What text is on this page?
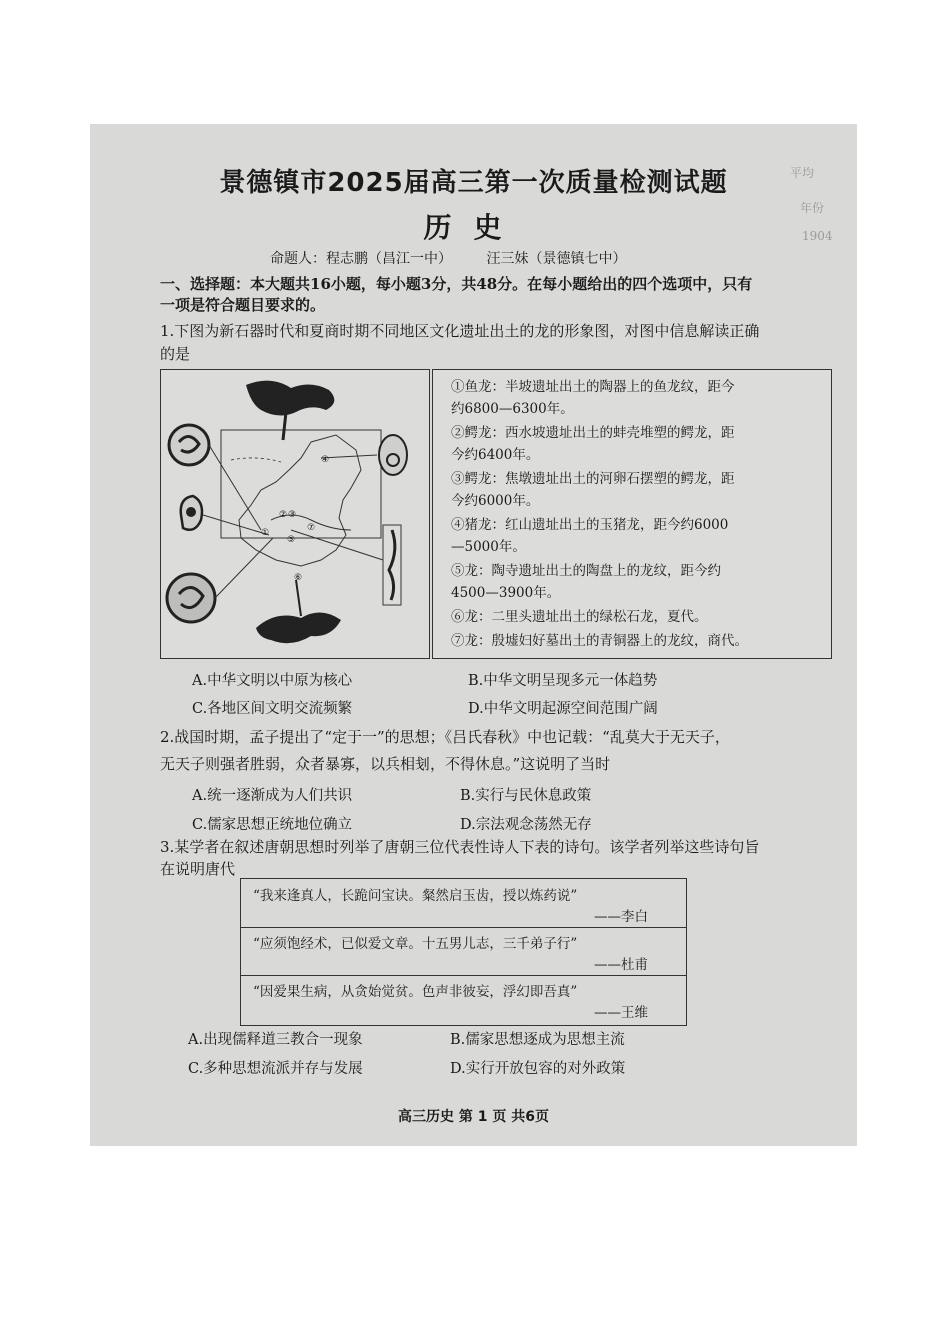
平均
年份
1904
景德镇市2025届高三第一次质量检测试题
历史
命题人：程志鹏（昌江一中） 汪三妹（景德镇七中）
一、选择题：本大题共16小题，每小题3分，共48分。在每小题给出的四个选项中，只有
一项是符合题目要求的。
1.下图为新石器时代和夏商时期不同地区文化遗址出土的龙的形象图，对图中信息解读正确
的是
①
② ③
④
⑤
⑥
⑦
①鱼龙：半坡遗址出土的陶器上的鱼龙纹，距今
约6800—6300年。
②鳄龙：西水坡遗址出土的蚌壳堆塑的鳄龙，距
今约6400年。
③鳄龙：焦墩遗址出土的河卵石摆塑的鳄龙，距
今约6000年。
④猪龙：红山遗址出土的玉猪龙，距今约6000
—5000年。
⑤龙：陶寺遗址出土的陶盘上的龙纹，距今约
4500—3900年。
⑥龙：二里头遗址出土的绿松石龙，夏代。
⑦龙：殷墟妇好墓出土的青铜器上的龙纹，商代。
A.中华文明以中原为核心	B.中华文明呈现多元一体趋势
C.各地区间文明交流频繁	D.中华文明起源空间范围广阔
2.战国时期，孟子提出了“定于一”的思想；《吕氏春秋》中也记载：“乱莫大于无天子，
无天子则强者胜弱，众者暴寡，以兵相刬，不得休息。”这说明了当时
A.统一逐渐成为人们共识	B.实行与民休息政策
C.儒家思想正统地位确立	D.宗法观念荡然无存
3.某学者在叙述唐朝思想时列举了唐朝三位代表性诗人下表的诗句。该学者列举这些诗句旨
在说明唐代
“我来逢真人，长跪问宝诀。粲然启玉齿，授以炼药说”
——李白
“应须饱经术，已似爱文章。十五男儿志，三千弟子行”
——杜甫
“因爱果生病，从贪始觉贫。色声非彼妄，浮幻即吾真”
——王维
A.出现儒释道三教合一现象	B.儒家思想逐成为思想主流
C.多种思想流派并存与发展	D.实行开放包容的对外政策
高三历史 第 1 页 共6页
